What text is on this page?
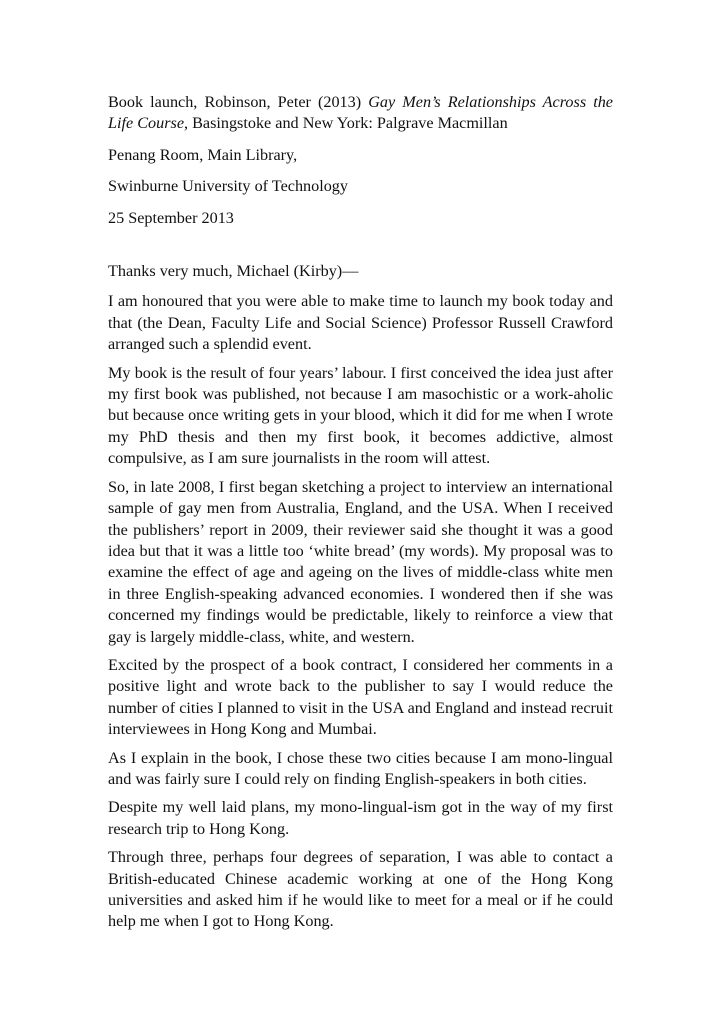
Book launch, Robinson, Peter (2013) Gay Men’s Relationships Across the Life Course, Basingstoke and New York: Palgrave Macmillan

Penang Room, Main Library,

Swinburne University of Technology

25 September 2013

Thanks very much, Michael (Kirby)—

I am honoured that you were able to make time to launch my book today and that (the Dean, Faculty Life and Social Science) Professor Russell Crawford arranged such a splendid event.

My book is the result of four years’ labour. I first conceived the idea just after my first book was published, not because I am masochistic or a work-aholic but because once writing gets in your blood, which it did for me when I wrote my PhD thesis and then my first book, it becomes addictive, almost compulsive, as I am sure journalists in the room will attest.

So, in late 2008, I first began sketching a project to interview an international sample of gay men from Australia, England, and the USA. When I received the publishers’ report in 2009, their reviewer said she thought it was a good idea but that it was a little too ‘white bread’ (my words). My proposal was to examine the effect of age and ageing on the lives of middle-class white men in three English-speaking advanced economies. I wondered then if she was concerned my findings would be predictable, likely to reinforce a view that gay is largely middle-class, white, and western.

Excited by the prospect of a book contract, I considered her comments in a positive light and wrote back to the publisher to say I would reduce the number of cities I planned to visit in the USA and England and instead recruit interviewees in Hong Kong and Mumbai.

As I explain in the book, I chose these two cities because I am mono-lingual and was fairly sure I could rely on finding English-speakers in both cities.

Despite my well laid plans, my mono-lingual-ism got in the way of my first research trip to Hong Kong.

Through three, perhaps four degrees of separation, I was able to contact a British-educated Chinese academic working at one of the Hong Kong universities and asked him if he would like to meet for a meal or if he could help me when I got to Hong Kong.
